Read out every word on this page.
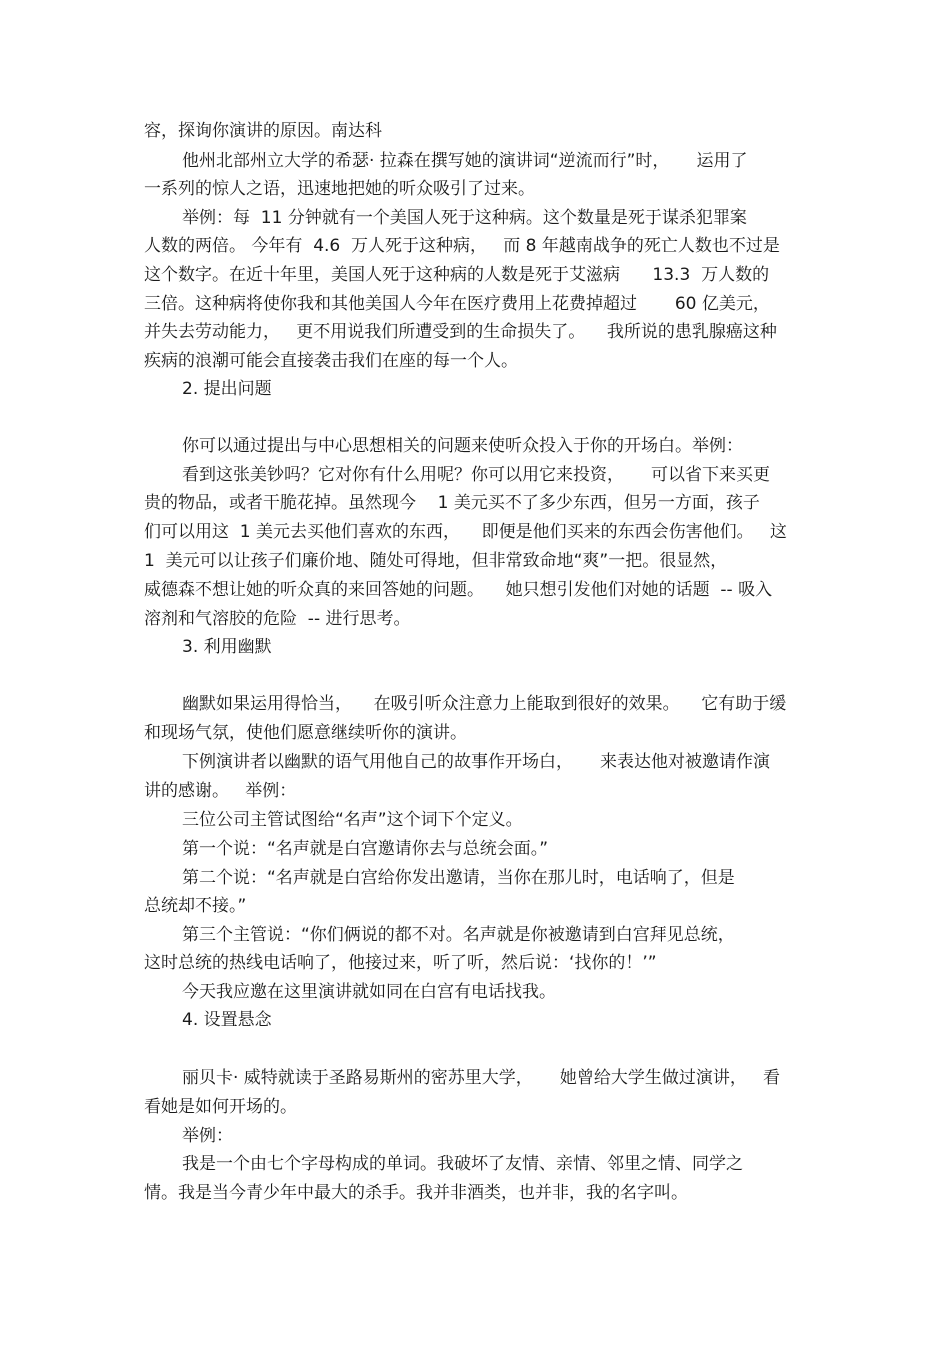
容，探询你演讲的原因。南达科
他州北部州立大学的希瑟· 拉森在撰写她的演讲词“逆流而行”时，     运用了
一系列的惊人之语，迅速地把她的听众吸引了过来。
举例：每  11 分钟就有一个美国人死于这种病。这个数量是死于谋杀犯罪案
人数的两倍。 今年有  4.6  万人死于这种病，   而 8 年越南战争的死亡人数也不过是
这个数字。在近十年里，美国人死于这种病的人数是死于艾滋病      13.3  万人数的
三倍。这种病将使你我和其他美国人今年在医疗费用上花费掉超过       60 亿美元，
并失去劳动能力，   更不用说我们所遭受到的生命损失了。    我所说的患乳腺癌这种
疾病的浪潮可能会直接袭击我们在座的每一个人。
2. 提出问题
你可以通过提出与中心思想相关的问题来使听众投入于你的开场白。举例：
看到这张美钞吗？它对你有什么用呢？你可以用它来投资，     可以省下来买更
贵的物品，或者干脆花掉。虽然现今    1 美元买不了多少东西，但另一方面，孩子
们可以用这  1 美元去买他们喜欢的东西，    即便是他们买来的东西会伤害他们。   这
1  美元可以让孩子们廉价地、随处可得地，但非常致命地“爽”一把。很显然，
威德森不想让她的听众真的来回答她的问题。    她只想引发他们对她的话题  -- 吸入
溶剂和气溶胶的危险  -- 进行思考。
3. 利用幽默
幽默如果运用得恰当，    在吸引听众注意力上能取到很好的效果。    它有助于缓
和现场气氛，使他们愿意继续听你的演讲。
下例演讲者以幽默的语气用他自己的故事作开场白，     来表达他对被邀请作演
讲的感谢。   举例：
三位公司主管试图给“名声”这个词下个定义。
第一个说：“名声就是白宫邀请你去与总统会面。”
第二个说：“名声就是白宫给你发出邀请，当你在那儿时，电话响了，但是
总统却不接。”
第三个主管说：“你们俩说的都不对。名声就是你被邀请到白宫拜见总统，
这时总统的热线电话响了，他接过来，听了听，然后说：‘找你的！’”
今天我应邀在这里演讲就如同在白宫有电话找我。
4. 设置悬念
丽贝卡· 威特就读于圣路易斯州的密苏里大学，     她曾给大学生做过演讲，   看
看她是如何开场的。
举例：
我是一个由七个字母构成的单词。我破坏了友情、亲情、邻里之情、同学之
情。我是当今青少年中最大的杀手。我并非酒类，也并非，我的名字叫。
